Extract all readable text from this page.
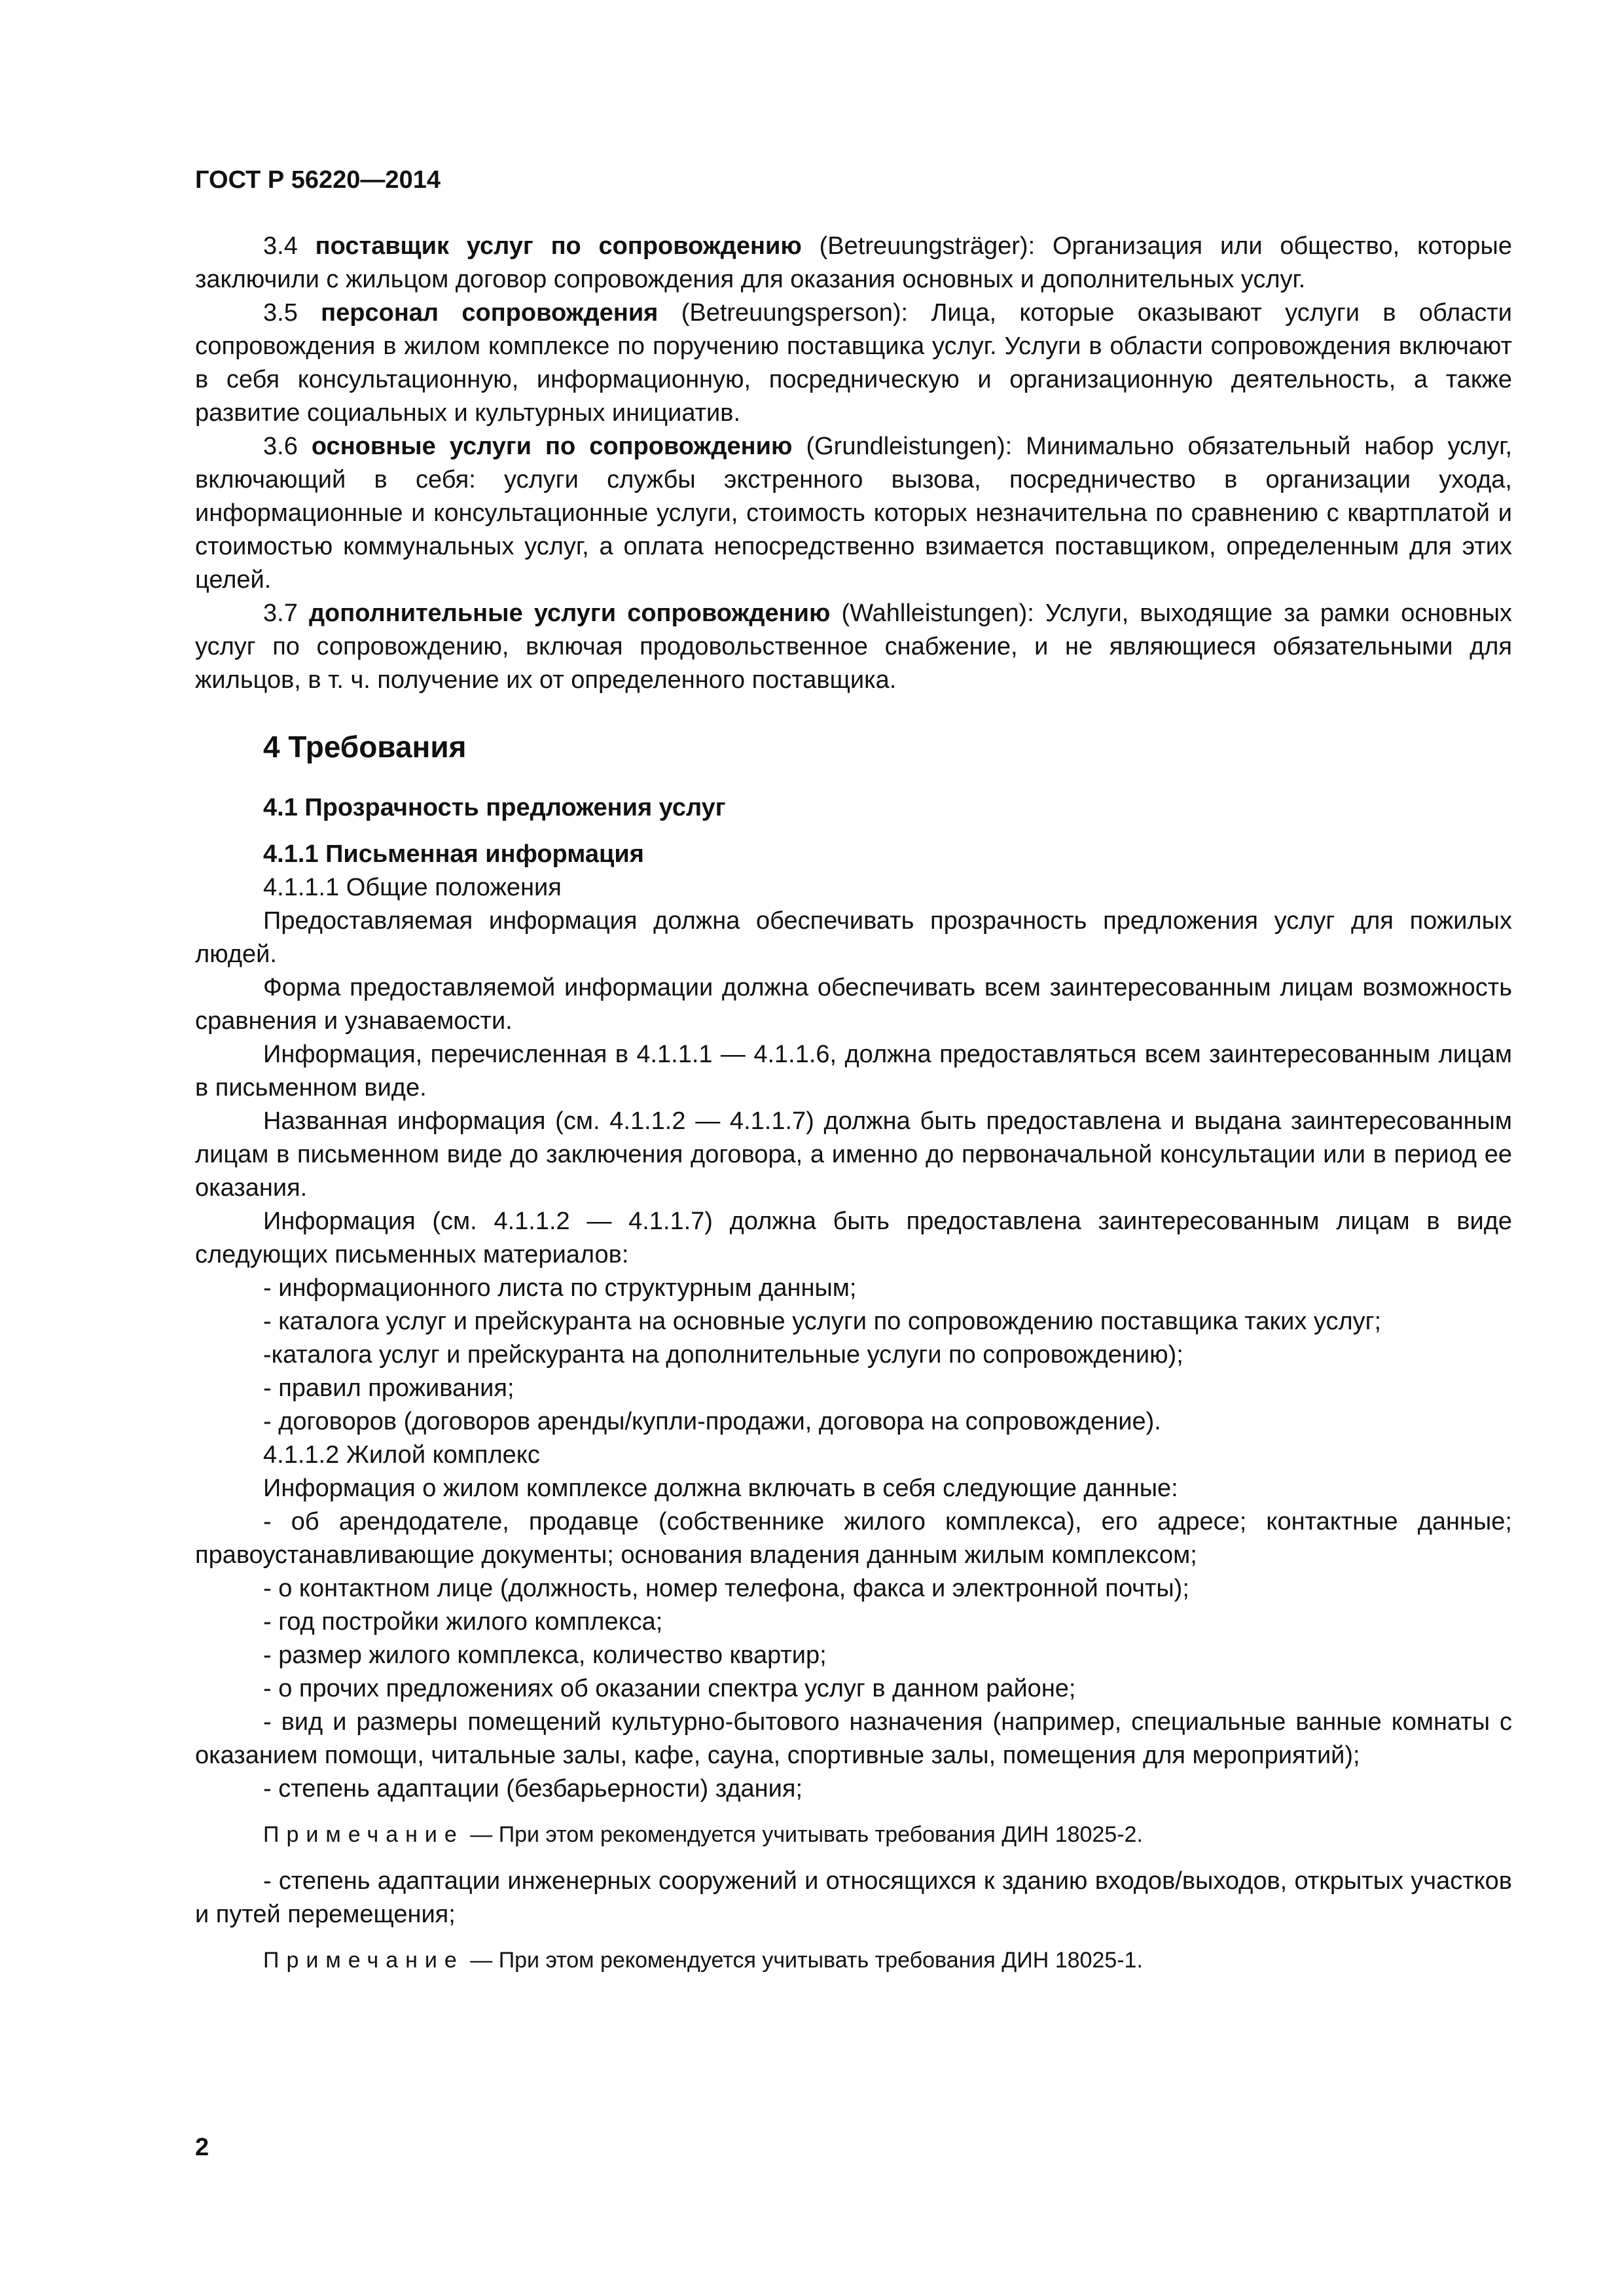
ГОСТ Р 56220—2014

3.4 поставщик услуг по сопровождению (Betreuungsträger): Организация или общество, которые заключили с жильцом договор сопровождения для оказания основных и дополнительных услуг.

3.5 персонал сопровождения (Betreuungsperson): Лица, которые оказывают услуги в области сопровождения в жилом комплексе по поручению поставщика услуг. Услуги в области сопровождения включают в себя консультационную, информационную, посредническую и организационную деятельность, а также развитие социальных и культурных инициатив.

3.6 основные услуги по сопровождению (Grundleistungen): Минимально обязательный набор услуг, включающий в себя: услуги службы экстренного вызова, посредничество в организации ухода, информационные и консультационные услуги, стоимость которых незначительна по сравнению с квартплатой и стоимостью коммунальных услуг, а оплата непосредственно взимается поставщиком, определенным для этих целей.

3.7 дополнительные услуги сопровождению (Wahlleistungen): Услуги, выходящие за рамки основных услуг по сопровождению, включая продовольственное снабжение, и не являющиеся обязательными для жильцов, в т. ч. получение их от определенного поставщика.

4 Требования
4.1 Прозрачность предложения услуг
4.1.1 Письменная информация

4.1.1.1 Общие положения

Предоставляемая информация должна обеспечивать прозрачность предложения услуг для пожилых людей.

Форма предоставляемой информации должна обеспечивать всем заинтересованным лицам возможность сравнения и узнаваемости.

Информация, перечисленная в 4.1.1.1 — 4.1.1.6, должна предоставляться всем заинтересованным лицам в письменном виде.

Названная информация (см. 4.1.1.2 — 4.1.1.7) должна быть предоставлена и выдана заинтересованным лицам в письменном виде до заключения договора, а именно до первоначальной консультации или в период ее оказания.

Информация (см. 4.1.1.2 — 4.1.1.7) должна быть предоставлена заинтересованным лицам в виде следующих письменных материалов:

- информационного листа по структурным данным;

- каталога услуг и прейскуранта на основные услуги по сопровождению поставщика таких услуг;

-каталога услуг и прейскуранта на дополнительные услуги по сопровождению);

- правил проживания;

- договоров (договоров аренды/купли-продажи, договора на сопровождение).

4.1.1.2 Жилой комплекс

Информация о жилом комплексе должна включать в себя следующие данные:

- об арендодателе, продавце (собственнике жилого комплекса), его адресе; контактные данные; правоустанавливающие документы; основания владения данным жилым комплексом;

- о контактном лице (должность, номер телефона, факса и электронной почты);

- год постройки жилого комплекса;

- размер жилого комплекса, количество квартир;

- о прочих предложениях об оказании спектра услуг в данном районе;

- вид и размеры помещений культурно-бытового назначения (например, специальные ванные комнаты с оказанием помощи, читальные залы, кафе, сауна, спортивные залы, помещения для мероприятий);

- степень адаптации (безбарьерности) здания;

Примечание — При этом рекомендуется учитывать требования ДИН 18025-2.

- степень адаптации инженерных сооружений и относящихся к зданию входов/выходов, открытых участков и путей перемещения;

Примечание — При этом рекомендуется учитывать требования ДИН 18025-1.
2
